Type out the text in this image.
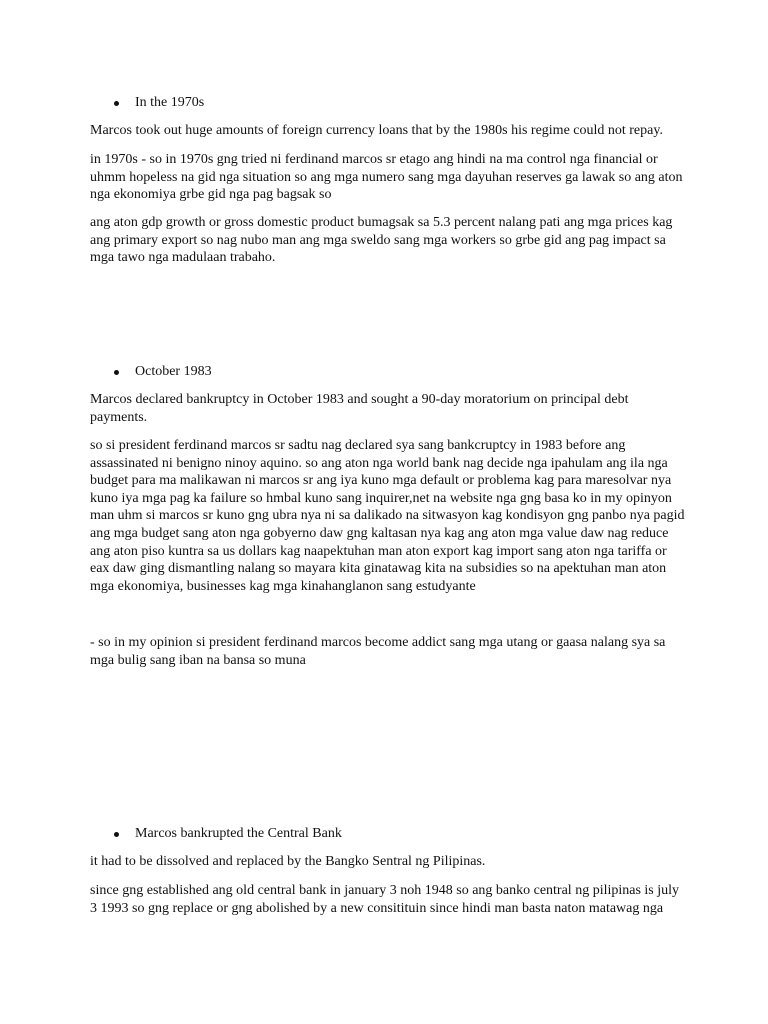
In the 1970s

Marcos took out huge amounts of foreign currency loans that by the 1980s his regime could not repay.

in 1970s - so in 1970s gng tried ni ferdinand marcos sr etago ang hindi na ma control nga financial or
uhmm hopeless na gid nga situation so ang mga numero sang mga dayuhan reserves ga lawak so ang aton
nga ekonomiya grbe gid nga pag bagsak so

ang aton gdp growth or gross domestic product bumagsak sa 5.3 percent nalang pati ang mga prices kag
ang primary export so nag nubo man ang mga sweldo sang mga workers so grbe gid ang pag impact sa
mga tawo nga madulaan trabaho.

October 1983

Marcos declared bankruptcy in October 1983 and sought a 90-day moratorium on principal debt
payments.

so si president ferdinand marcos sr sadtu nag declared sya sang bankcruptcy in 1983 before ang
assassinated ni benigno ninoy aquino. so ang aton nga world bank nag decide nga ipahulam ang ila nga
budget para ma malikawan ni marcos sr ang iya kuno mga default or problema kag para maresolvar nya
kuno iya mga pag ka failure so hmbal kuno sang inquirer,net na website nga gng basa ko in my opinyon
man uhm si marcos sr kuno gng ubra nya ni sa dalikado na sitwasyon kag kondisyon gng panbo nya pagid
ang mga budget sang aton nga gobyerno daw gng kaltasan nya kag ang aton mga value daw nag reduce
ang aton piso kuntra sa us dollars kag naapektuhan man aton export kag import sang aton nga tariffa or
eax daw ging dismantling nalang so mayara kita ginatawag kita na subsidies so na apektuhan man aton
mga ekonomiya, businesses kag mga kinahanglanon sang estudyante

- so in my opinion si president ferdinand marcos become addict sang mga utang or gaasa nalang sya sa
mga bulig sang iban na bansa so muna

Marcos bankrupted the Central Bank

it had to be dissolved and replaced by the Bangko Sentral ng Pilipinas.

since gng established ang old central bank in january 3 noh 1948 so ang banko central ng pilipinas is july
3 1993 so gng replace or gng abolished by a new consitituin since hindi man basta naton matawag nga
